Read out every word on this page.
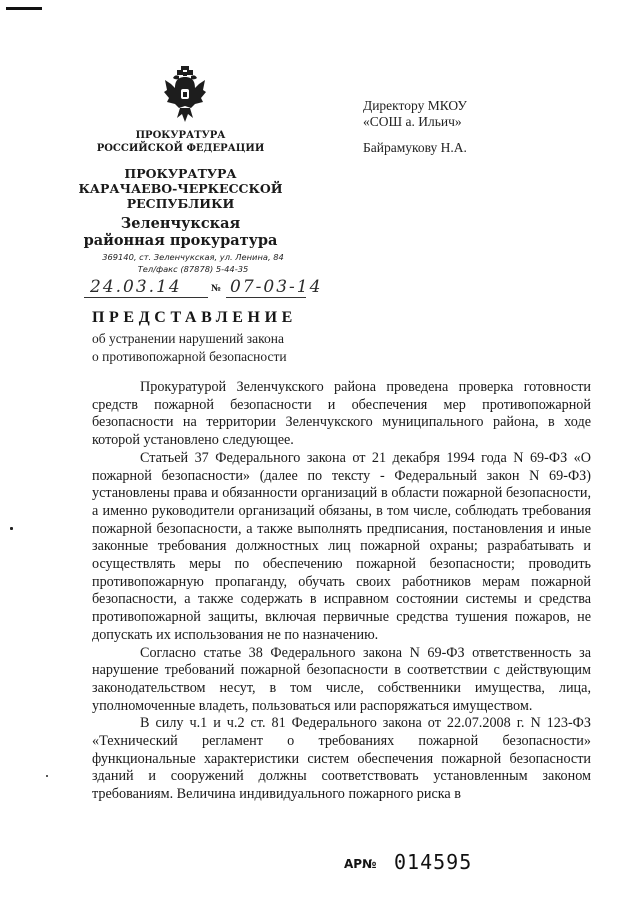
ПРОКУРАТУРА
РОССИЙСКОЙ ФЕДЕРАЦИИ
ПРОКУРАТУРА
КАРАЧАЕВО-ЧЕРКЕССКОЙ
РЕСПУБЛИКИ
Зеленчукская
районная прокуратура
369140, ст. Зеленчукская, ул. Ленина, 84
Тел/факс (87878) 5-44-35
24.03.14	№ 07-03-14
Директору МКОУ
«СОШ а. Ильич»
Байрамукову Н.А.
ПРЕДСТАВЛЕНИЕ
об устранении нарушений закона
о противопожарной безопасности

Прокуратурой Зеленчукского района проведена проверка готовности средств пожарной безопасности и обеспечения мер противопожарной безопасности на территории Зеленчукского муниципального района, в ходе которой установлено следующее.

Статьей 37 Федерального закона от 21 декабря 1994 года N 69-ФЗ «О пожарной безопасности» (далее по тексту - Федеральный закон N 69-ФЗ) установлены права и обязанности организаций в области пожарной безопасности, а именно руководители организаций обязаны, в том числе, соблюдать требования пожарной безопасности, а также выполнять предписания, постановления и иные законные требования должностных лиц пожарной охраны; разрабатывать и осуществлять меры по обеспечению пожарной безопасности; проводить противопожарную пропаганду, обучать своих работников мерам пожарной безопасности, а также содержать в исправном состоянии системы и средства противопожарной защиты, включая первичные средства тушения пожаров, не допускать их использования не по назначению.

Согласно статье 38 Федерального закона N 69-ФЗ ответственность за нарушение требований пожарной безопасности в соответствии с действующим законодательством несут, в том числе, собственники имущества, лица, уполномоченные владеть, пользоваться или распоряжаться имуществом.

В силу ч.1 и ч.2 ст. 81 Федерального закона от 22.07.2008 г. N 123-ФЗ «Технический регламент о требованиях пожарной безопасности» функциональные характеристики систем обеспечения пожарной безопасности зданий и сооружений должны соответствовать установленным законом требованиям. Величина индивидуального пожарного риска в

АР№ 014595
